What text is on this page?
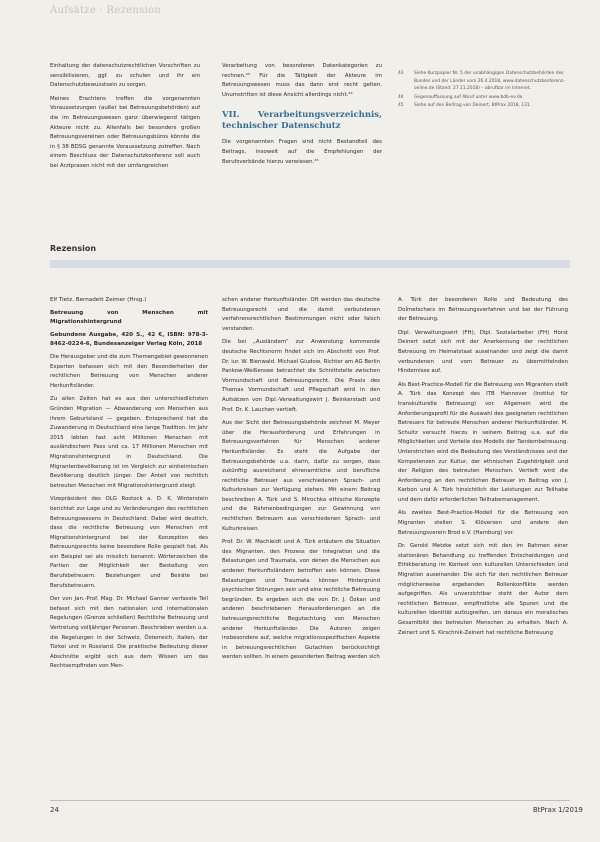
Aufsätze · Rezension

Einhaltung der datenschutzrechtlichen Vorschriften zu sensibilisieren, ggf. zu schulen und ihr ein Datenschutzbewusstsein zu sorgen.

Meines Erachtens treffen die vorgenannten Voraussetzungen (außer bei Betreuungsbehörden) auf die im Betreuungswesen ganz überwiegend tätigen Akteure nicht zu. Allenfalls bei besonders großen Betreuungsvereinen oder Betreuungsbüros könnte die in § 38 BDSG genannte Voraussetzung zutreffen. Nach einem Beschluss der Datenschutzkonferenz soll auch bei Arztpraxen nicht mit der umfangreichen

Verarbeitung von besonderen Datenkategorien zu rechnen.⁴³ Für die Tätigkeit der Akteure im Betreuungswesen muss das dann erst recht gelten. Unumstritten ist diese Ansicht allerdings nicht.⁴⁴

VII. Verarbeitungsverzeichnis, technischer Datenschutz

Die vorgenannten Fragen sind nicht Bestandteil des Beitrags, insoweit auf die Empfehlungen der Berufsverbände hierzu verwiesen.⁴⁵

43	Siehe Kurzpapier Nr. 5 der unabhängigen Datenschutzbehörden des Bundes und der Länder vom 26.4.2018, www.datenschutzkonferenz-online.de (Stand: 27.11.2018) – abrufbar im Internet.
44	Gegenauffassung auf Abruf unter www.bdb-ev.de.
45	Siehe auf den Beitrag von Deinert, BtPrax 2018, 131.
Rezension

Elf Tietz, Bernadett Zeimer (Hrsg.)

Betreuung von Menschen mit Migrationshintergrund

Gebundene Ausgabe, 420 S., 42 €, ISBN: 978-3-8462-0224-6, Bundesanzeiger Verlag Köln, 2018

Die Herausgeber und die zum Themengebiet gewonnenen Experten befassen sich mit den Besonderheiten der rechtlichen Betreuung von Menschen anderer Herkunftsländer.

Zu allen Zeiten hat es aus den unterschiedlichsten Gründen Migration — Abwanderung von Menschen aus ihrem Geburtsland — gegeben. Entsprechend hat die Zuwanderung in Deutschland eine lange Tradition. Im Jahr 2015 lebten fast acht Millionen Menschen mit ausländischem Pass und ca. 17 Millionen Menschen mit Migrationshintergrund in Deutschland. Die Migrantenbevölkerung ist im Vergleich zur einheimischen Bevölkerung deutlich jünger. Der Anteil von rechtlich betreuten Menschen mit Migrationshintergrund steigt.

Vizepräsident des OLG Rostock a. D. K. Winterstein berichtet zur Lage und zu Veränderungen des rechtlichen Betreuungswesens in Deutschland. Dabei wird deutlich, dass die rechtliche Betreuung von Menschen mit Migrationshintergrund bei der Konzeption des Betreuungsrechts keine besondere Rolle gespielt hat. Als ein Beispiel sei als misslich benannt: Wörterzeichen die Partien der Möglichkeit der Bestellung von Berufsbetreuern. Beziehungen und Beiräte bei Berufsbetreuern.

Der von Jan.-Prof. Mag. Dr. Michael Ganner verfasste Teil befasst sich mit den nationalen und internationalen Regelungen (Grenze schließen) Rechtliche Betreuung und Vertretung volljähriger Personen. Beschrieben werden u.a. die Regelungen in der Schweiz, Österreich, Italien, der Türkei und in Russland. Die praktische Bedeutung dieser Abschnitte ergibt sich aus dem Wissen um das Rechtsempfinden von Men-

schen anderer Herkunftsländer. Oft werden das deutsche Betreuungsrecht und die damit verbundenen verfahrensrechtlichen Bestimmungen nicht oder falsch verstanden.

Die bei „Ausländern“ zur Anwendung kommende deutsche Rechtsnorm findet sich im Abschnitt von Prof. Dr. iur. W. Bienwald. Michael Giudow, Richter am AG Berlin Pankow-Weißensee betrachtet die Schnittstelle zwischen Vormundschaft und Betreuungsrecht. Die Praxis des Themas Vormundschaft und Pflegschaft wird in den Aufsätzen von Dipl.-Verwaltungswirt J. Beinkerstadt und Prof. Dr. K. Lauchen vertieft.

Aus der Sicht der Betreuungsbehörde zeichnet M. Meyer über die Herausforderung und Erfahrungen in Betreuungsverfahren für Menschen anderer Herkunftsländer. Es steht die Aufgabe der Betreuungsbehörde u.a. darin, dafür zu sorgen, dass zukünftig ausreichend ehrenamtliche und berufliche rechtliche Betreuer aus verschiedenen Sprach- und Kulturkreisen zur Verfügung stehen. Mit einem Beitrag beschreiben A. Türk und S. Mirochka ethische Konzepte und die Rahmenbedingungen zur Gewinnung von rechtlichen Betreuern aus verschiedenen Sprach- und Kulturkreisen.

Prof. Dr. W. Machleidt und A. Türk erläutern die Situation des Migranten, den Prozess der Integration und die Belastungen und Traumata, von denen die Menschen aus anderen Herkunftsländern betroffen sein können. Diese Belastungen und Traumata können Hintergrund psychischer Störungen sein und eine rechtliche Betreuung begründen. Es ergeben sich die von Dr. J. Özkan und anderen beschriebenen Herausforderungen an die betreuungsrechtliche Begutachtung von Menschen anderer Herkunftsländer. Die Autoren zeigen insbesondere auf, welche migrationsspezifischen Aspekte in betreuungsrechtlichen Gutachten berücksichtigt werden sollten. In einem gesonderten Beitrag werden sich

A. Türk der besonderen Rolle und Bedeutung des Dolmetschers im Betreuungsverfahren und bei der Führung der Betreuung.

Dipl. Verwaltungswirt (FH), Dipl. Sozialarbeiter (FH) Horst Deinert setzt sich mit der Anerkennung der rechtlichen Betreuung im Heimatstaat auseinander und zeigt die damit verbundenen und vom Betreuer zu übermittelnden Hindernisse auf.

Als Best-Practice-Modell für die Betreuung von Migranten stellt A. Türk das Konzept des ITB Hannover (Institut für transkulturelle Betreuung) vor. Allgemein wird die Anforderungsprofil für die Auswahl des geeigneten rechtlichen Betreuers für betreute Menschen anderer Herkunftsländer. M. Schultz versucht hierzu in seinem Beitrag u.a. auf die Möglichkeiten und Vorteile des Modells der Tandembetreuung. Unterstrichen wird die Bedeutung des Verständnisses und der Kompetenzen zur Kultur, der ethnischen Zugehörigkeit und der Religion des betreuten Menschen. Vertieft wird die Anforderung an den rechtlichen Betreuer im Beitrag von J. Karbon und A. Türk hinsichtlich der Leistungen zur Teilhabe und dem dafür erforderlichen Teilhabemanagement.

Als zweites Best-Practice-Modell für die Betreuung von Migranten stellen S. Klöversen und andere den Betreuungsverein Brod e.V. (Hamburg) vor.

Dr. Gerold Metzke setzt sich mit den im Rahmen einer stationären Behandlung zu treffenden Entscheidungen und Ethikberatung im Kontext von kulturellen Unterschieden und Migration auseinander. Die sich für den rechtlichen Betreuer möglicherweise ergebenden Rollenkonflikte werden aufgegriffen. Als unverzichtbar steht der Autor dem rechtlichen Betreuer, empfindliche alle Spuren und die kulturellen Identität aufzugreifen, um daraus ein moralisches Gesamtbild des betreuten Menschen zu erhalten. Nach A. Zeinert und S. Kirschnik-Zeinert hat rechtliche Betreuung

24	BtPrax 1/2019
